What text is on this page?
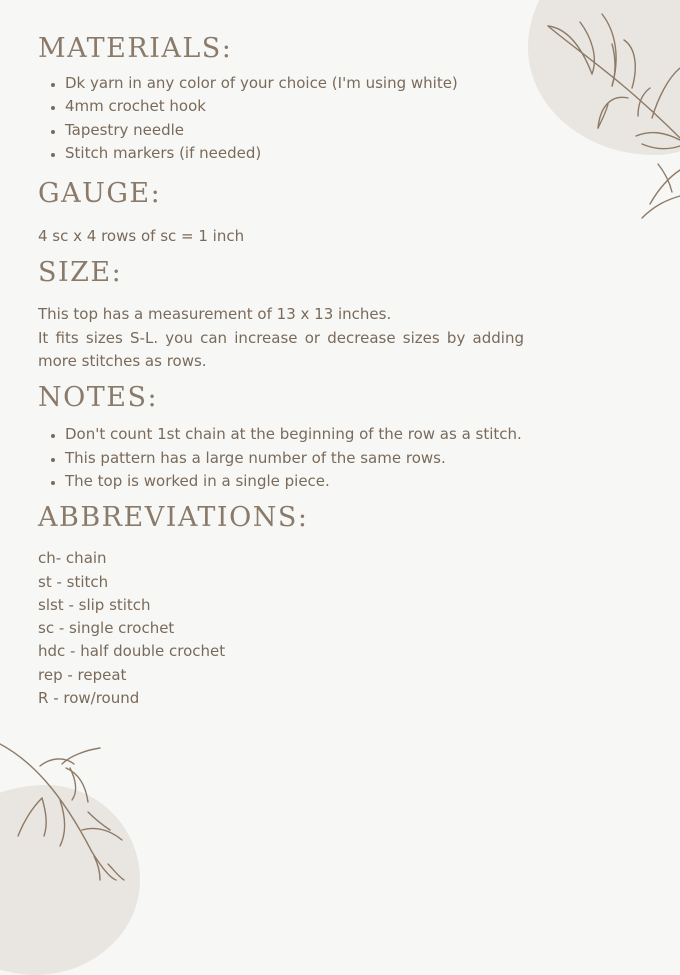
MATERIALS:
• Dk yarn in any color of your choice (I'm using white)
• 4mm crochet hook
• Tapestry needle
• Stitch markers (if needed)
GAUGE:

4 sc x 4 rows of sc = 1 inch

SIZE:

This top has a measurement of 13 x 13 inches.

It fits sizes S-L. you can increase or decrease sizes by adding more stitches as rows.

NOTES:
• Don't count 1st chain at the beginning of the row as a stitch.
• This pattern has a large number of the same rows.
• The top is worked in a single piece.
ABBREVIATIONS:

ch- chain

st - stitch

slst - slip stitch

sc - single crochet

hdc - half double crochet

rep - repeat

R - row/round
